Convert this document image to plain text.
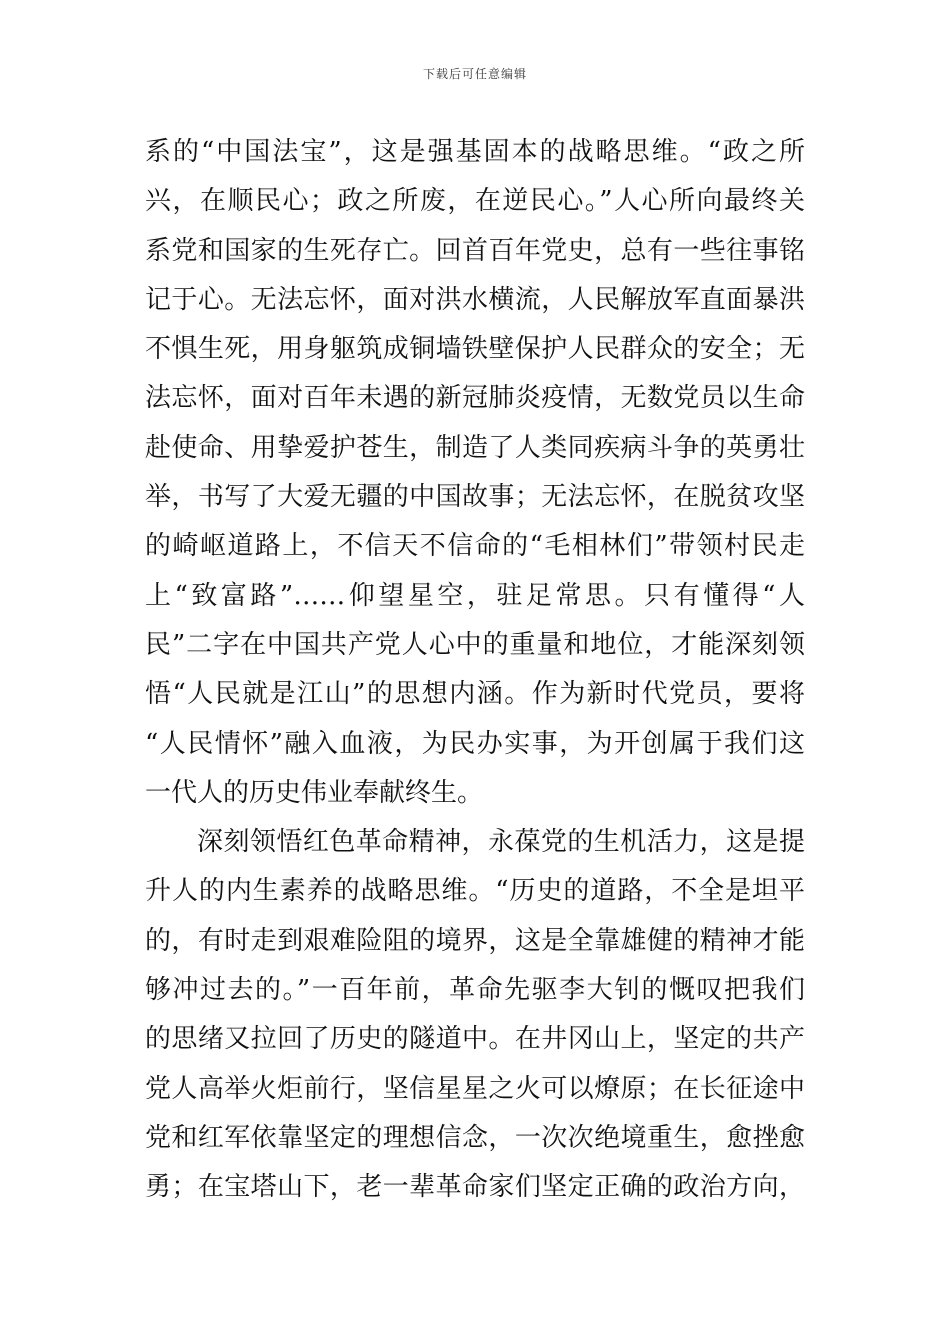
下载后可任意编辑
系的“中国法宝”，这是强基固本的战略思维。“政之所
兴，在顺民心；政之所废，在逆民心。”人心所向最终关
系党和国家的生死存亡。回首百年党史，总有一些往事铭
记于心。无法忘怀，面对洪水横流，人民解放军直面暴洪
不惧生死，用身躯筑成铜墙铁壁保护人民群众的安全；无
法忘怀，面对百年未遇的新冠肺炎疫情，无数党员以生命
赴使命、用挚爱护苍生，制造了人类同疾病斗争的英勇壮
举，书写了大爱无疆的中国故事；无法忘怀，在脱贫攻坚
的崎岖道路上，不信天不信命的“毛相林们”带领村民走
上“致富路”……仰望星空，驻足常思。只有懂得“人
民”二字在中国共产党人心中的重量和地位，才能深刻领
悟“人民就是江山”的思想内涵。作为新时代党员，要将
“人民情怀”融入血液，为民办实事，为开创属于我们这
一代人的历史伟业奉献终生。
深刻领悟红色革命精神，永葆党的生机活力，这是提
升人的内生素养的战略思维。“历史的道路，不全是坦平
的，有时走到艰难险阻的境界，这是全靠雄健的精神才能
够冲过去的。”一百年前，革命先驱李大钊的慨叹把我们
的思绪又拉回了历史的隧道中。在井冈山上，坚定的共产
党人高举火炬前行，坚信星星之火可以燎原；在长征途中
党和红军依靠坚定的理想信念，一次次绝境重生，愈挫愈
勇；在宝塔山下，老一辈革命家们坚定正确的政治方向，
